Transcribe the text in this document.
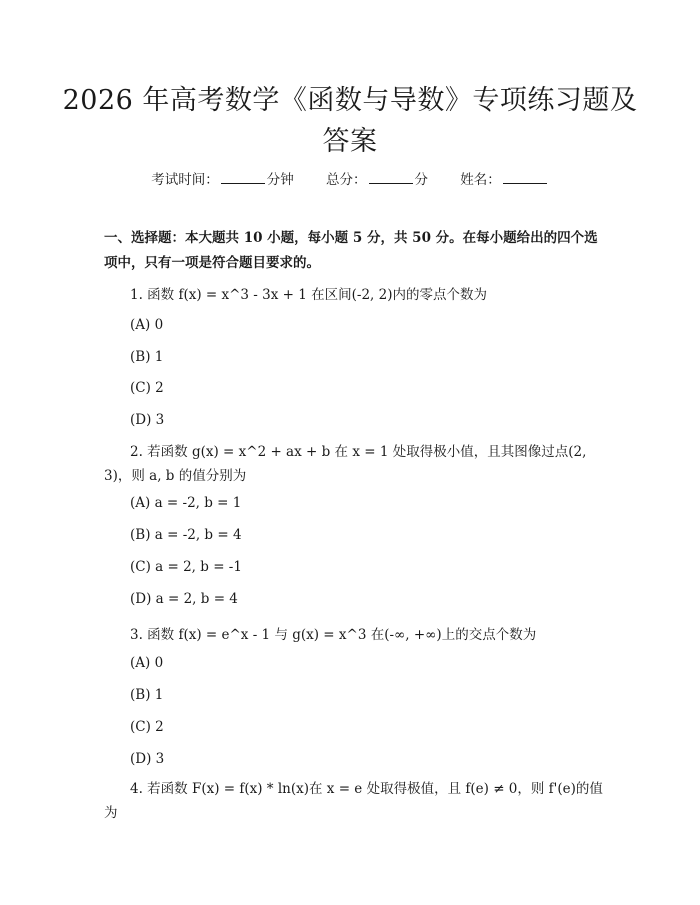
2026 年高考数学《函数与导数》专项练习题及答案
考试时间：	分钟 总分：	分 姓名：
一、选择题：本大题共 10 小题，每小题 5 分，共 50 分。在每小题给出的四个选项中，只有一项是符合题目要求的。
1. 函数 f(x) = x^3 - 3x + 1 在区间(-2, 2)内的零点个数为
(A) 0
(B) 1
(C) 2
(D) 3
2. 若函数 g(x) = x^2 + ax + b 在 x = 1 处取得极小值，且其图像过点(2, 3)，则 a, b 的值分别为
(A) a = -2, b = 1
(B) a = -2, b = 4
(C) a = 2, b = -1
(D) a = 2, b = 4
3. 函数 f(x) = e^x - 1 与 g(x) = x^3 在(-∞, +∞)上的交点个数为
(A) 0
(B) 1
(C) 2
(D) 3
4. 若函数 F(x) = f(x) * ln(x)在 x = e 处取得极值，且 f(e) ≠ 0，则 f'(e)的值为
